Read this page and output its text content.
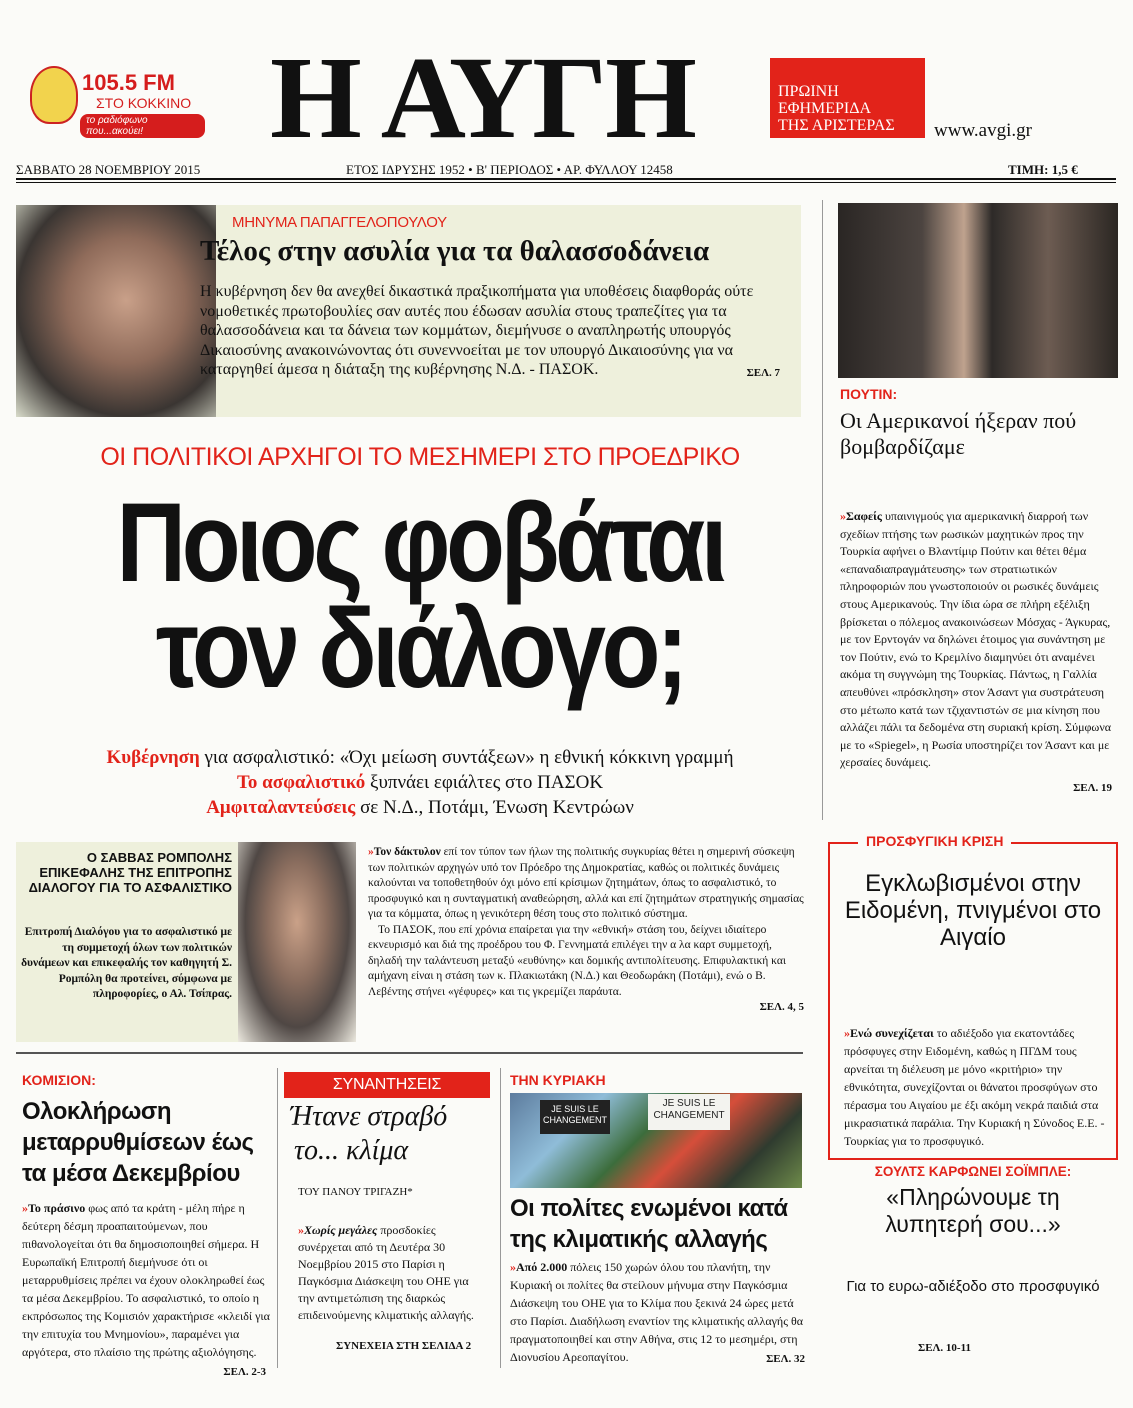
105.5 FM
ΣΤΟ ΚΟΚΚΙΝΟ
το ραδιόφωνο που...ακούει!	Η ΑΥΓΗ	ΠΡΩΙΝΗ
ΕΦΗΜΕΡΙΔΑ
ΤΗΣ ΑΡΙΣΤΕΡΑΣ	www.avgi.gr
ΣΑΒΒΑΤΟ 28 ΝΟΕΜΒΡΙΟΥ 2015	ΕΤΟΣ ΙΔΡΥΣΗΣ 1952 • Β' ΠΕΡΙΟΔΟΣ • ΑΡ. ΦΥΛΛΟΥ 12458	ΤΙΜΗ: 1,5 €
ΜΗΝΥΜΑ ΠΑΠΑΓΓΕΛΟΠΟΥΛΟΥ
Τέλος στην ασυλία για τα θαλασσοδάνεια
Η κυβέρνηση δεν θα ανεχθεί δικαστικά πραξικοπήματα για υποθέσεις διαφθοράς ούτε νομοθετικές πρωτοβουλίες σαν αυτές που έδωσαν ασυλία στους τραπεζίτες για τα θαλασσοδάνεια και τα δάνεια των κομμάτων, διεμήνυσε ο αναπληρωτής υπουργός Δικαιοσύνης ανακοινώνοντας ότι συνεννοείται με τον υπουργό Δικαιοσύνης για να καταργηθεί άμεσα η διάταξη της κυβέρνησης Ν.Δ. - ΠΑΣΟΚ.	ΣΕΛ. 7
ΠΟΥΤΙΝ:
Οι Αμερικανοί ήξεραν πού βομβαρδίζαμε
»Σαφείς υπαινιγμούς για αμερικανική διαρροή των σχεδίων πτήσης των ρωσικών μαχητικών προς την Τουρκία αφήνει ο Βλαντίμιρ Πούτιν και θέτει θέμα «επαναδιαπραγμάτευσης» των στρατιωτικών πληροφοριών που γνωστοποιούν οι ρωσικές δυνάμεις στους Αμερικανούς. Την ίδια ώρα σε πλήρη εξέλιξη βρίσκεται ο πόλεμος ανακοινώσεων Μόσχας - Άγκυρας, με τον Ερντογάν να δηλώνει έτοιμος για συνάντηση με τον Πούτιν, ενώ το Κρεμλίνο διαμηνύει ότι αναμένει ακόμα τη συγγνώμη της Τουρκίας. Πάντως, η Γαλλία απευθύνει «πρόσκληση» στον Άσαντ για συστράτευση στο μέτωπο κατά των τζιχαντιστών σε μια κίνηση που αλλάζει πάλι τα δεδομένα στη συριακή κρίση. Σύμφωνα με το «Spiegel», η Ρωσία υποστηρίζει τον Άσαντ και με χερσαίες δυνάμεις.
ΣΕΛ. 19
ΟΙ ΠΟΛΙΤΙΚΟΙ ΑΡΧΗΓΟΙ ΤΟ ΜΕΣΗΜΕΡΙ ΣΤΟ ΠΡΟΕΔΡΙΚΟ
Ποιος φοβάται
τον διάλογο;
Κυβέρνηση για ασφαλιστικό: «Όχι μείωση συντάξεων» η εθνική κόκκινη γραμμή
Το ασφαλιστικό ξυπνάει εφιάλτες στο ΠΑΣΟΚ
Αμφιταλαντεύσεις σε Ν.Δ., Ποτάμι, Ένωση Κεντρώων
Ο ΣΑΒΒΑΣ ΡΟΜΠΟΛΗΣ ΕΠΙΚΕΦΑΛΗΣ ΤΗΣ ΕΠΙΤΡΟΠΗΣ ΔΙΑΛΟΓΟΥ ΓΙΑ ΤΟ ΑΣΦΑΛΙΣΤΙΚΟ
Επιτροπή Διαλόγου για το ασφαλιστικό με τη συμμετοχή όλων των πολιτικών δυνάμεων και επικεφαλής τον καθηγητή Σ. Ρομπόλη θα προτείνει, σύμφωνα με πληροφορίες, ο Αλ. Τσίπρας.
»Τον δάκτυλον επί τον τύπον των ήλων της πολιτικής συγκυρίας θέτει η σημερινή σύσκεψη των πολιτικών αρχηγών υπό τον Πρόεδρο της Δημοκρατίας, καθώς οι πολιτικές δυνάμεις καλούνται να τοποθετηθούν όχι μόνο επί κρίσιμων ζητημάτων, όπως το ασφαλιστικό, το προσφυγικό και η συνταγματική αναθεώρηση, αλλά και επί ζητημάτων στρατηγικής σημασίας για τα κόμματα, όπως η γενικότερη θέση τους στο πολιτικό σύστημα.
Το ΠΑΣΟΚ, που επί χρόνια επαίρεται για την «εθνική» στάση του, δείχνει ιδιαίτερο εκνευρισμό και διά της προέδρου του Φ. Γεννηματά επιλέγει την α λα καρτ συμμετοχή, δηλαδή την ταλάντευση μεταξύ «ευθύνης» και δομικής αντιπολίτευσης. Επιφυλακτική και αμήχανη είναι η στάση των κ. Πλακιωτάκη (Ν.Δ.) και Θεοδωράκη (Ποτάμι), ενώ ο Β. Λεβέντης στήνει «γέφυρες» και τις γκρεμίζει παράυτα.
ΣΕΛ. 4, 5
ΚΟΜΙΣΙΟΝ:
Ολοκλήρωση μεταρρυθμίσεων έως τα μέσα Δεκεμβρίου
»Το πράσινο φως από τα κράτη - μέλη πήρε η δεύτερη δέσμη προαπαιτούμενων, που πιθανολογείται ότι θα δημοσιοποιηθεί σήμερα. Η Ευρωπαϊκή Επιτροπή διεμήνυσε ότι οι μεταρρυθμίσεις πρέπει να έχουν ολοκληρωθεί έως τα μέσα Δεκεμβρίου. Το ασφαλιστικό, το οποίο η εκπρόσωπος της Κομισιόν χαρακτήρισε «κλειδί για την επιτυχία του Μνημονίου», παραμένει για αργότερα, στο πλαίσιο της πρώτης αξιολόγησης.
ΣΕΛ. 2-3
ΣΥΝΑΝΤΗΣΕΙΣ
Ήτανε στραβό
το... κλίμα
ΤΟΥ ΠΑΝΟΥ ΤΡΙΓΑΖΗ*
»Χωρίς μεγάλες προσδοκίες συνέρχεται από τη Δευτέρα 30 Νοεμβρίου 2015 στο Παρίσι η Παγκόσμια Διάσκεψη του ΟΗΕ για την αντιμετώπιση της διαρκώς επιδεινούμενης κλιματικής αλλαγής.
ΣΥΝΕΧΕΙΑ ΣΤΗ ΣΕΛΙΔΑ 2
ΤΗΝ ΚΥΡΙΑΚΗ
JE SUIS LE CHANGEMENT
JE SUIS LE CHANGEMENT
Οι πολίτες ενωμένοι κατά της κλιματικής αλλαγής
»Από 2.000 πόλεις 150 χωρών όλου του πλανήτη, την Κυριακή οι πολίτες θα στείλουν μήνυμα στην Παγκόσμια Διάσκεψη του ΟΗΕ για το Κλίμα που ξεκινά 24 ώρες μετά στο Παρίσι. Διαδήλωση εναντίον της κλιματικής αλλαγής θα πραγματοποιηθεί και στην Αθήνα, στις 12 το μεσημέρι, στη Διονυσίου Αρεοπαγίτου.	ΣΕΛ. 32
ΠΡΟΣΦΥΓΙΚΗ ΚΡΙΣΗ
Εγκλωβισμένοι στην Ειδομένη, πνιγμένοι στο Αιγαίο
»Ενώ συνεχίζεται το αδιέξοδο για εκατοντάδες πρόσφυγες στην Ειδομένη, καθώς η ΠΓΔΜ τους αρνείται τη διέλευση με μόνο «κριτήριο» την εθνικότητα, συνεχίζονται οι θάνατοι προσφύγων στο πέρασμα του Αιγαίου με έξι ακόμη νεκρά παιδιά στα μικρασιατικά παράλια. Την Κυριακή η Σύνοδος Ε.Ε. - Τουρκίας για το προσφυγικό.
ΣΟΥΛΤΣ ΚΑΡΦΩΝΕΙ ΣΟΪΜΠΛΕ:
«Πληρώνουμε τη λυπητερή σου...»
Για το ευρω-αδιέξοδο στο προσφυγικό
ΣΕΛ. 10-11
